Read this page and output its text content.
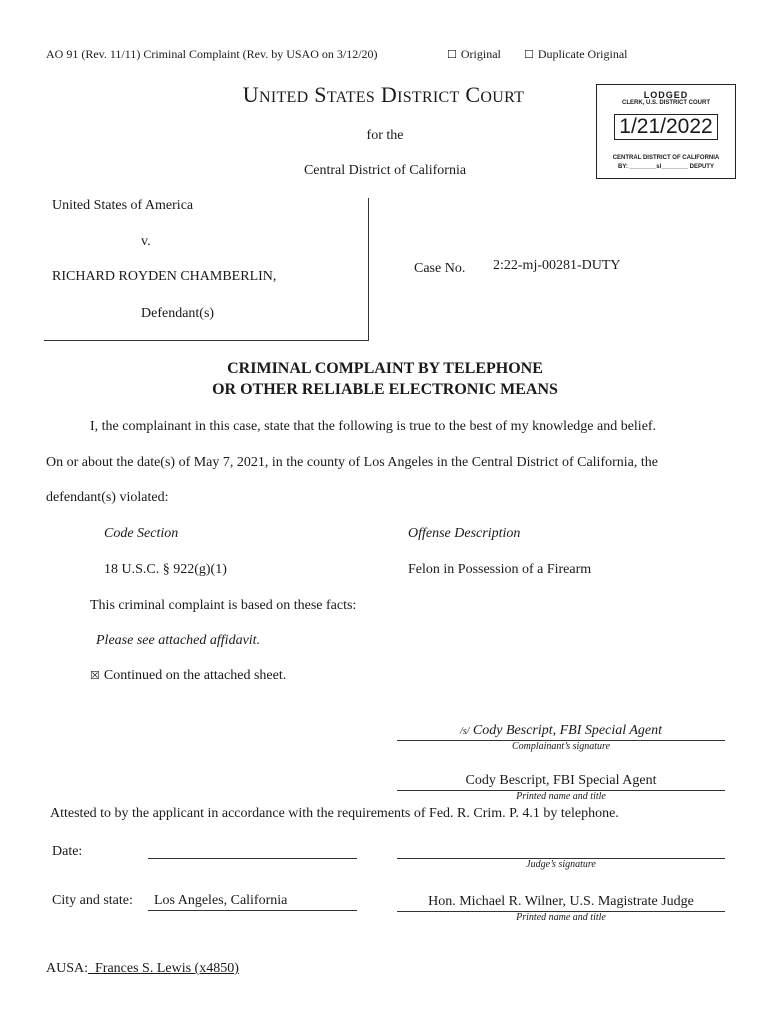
AO 91 (Rev. 11/11) Criminal Complaint (Rev. by USAO on 3/12/20)	☐ Original ☐ Duplicate Original
UNITED STATES DISTRICT COURT
for the
Central District of California
LODGED
CLERK, U.S. DISTRICT COURT
1/21/2022
CENTRAL DISTRICT OF CALIFORNIA
BY: ________sl________ DEPUTY
United States of America
v.
RICHARD ROYDEN CHAMBERLIN,
Defendant(s)
Case No. 2:22-mj-00281-DUTY
CRIMINAL COMPLAINT BY TELEPHONE
OR OTHER RELIABLE ELECTRONIC MEANS
I, the complainant in this case, state that the following is true to the best of my knowledge and belief.
On or about the date(s) of May 7, 2021, in the county of Los Angeles in the Central District of California, the
defendant(s) violated:
Code Section	Offense Description
18 U.S.C. § 922(g)(1)	Felon in Possession of a Firearm
This criminal complaint is based on these facts:
Please see attached affidavit.
☒ Continued on the attached sheet.
/s/ Cody Bescript, FBI Special Agent
Complainant’s signature
Cody Bescript, FBI Special Agent
Printed name and title
Attested to by the applicant in accordance with the requirements of Fed. R. Crim. P. 4.1 by telephone.
Date:
Judge’s signature
City and state:	Los Angeles, California	Hon. Michael R. Wilner, U.S. Magistrate Judge
Printed name and title
AUSA:  Frances S. Lewis (x4850)
